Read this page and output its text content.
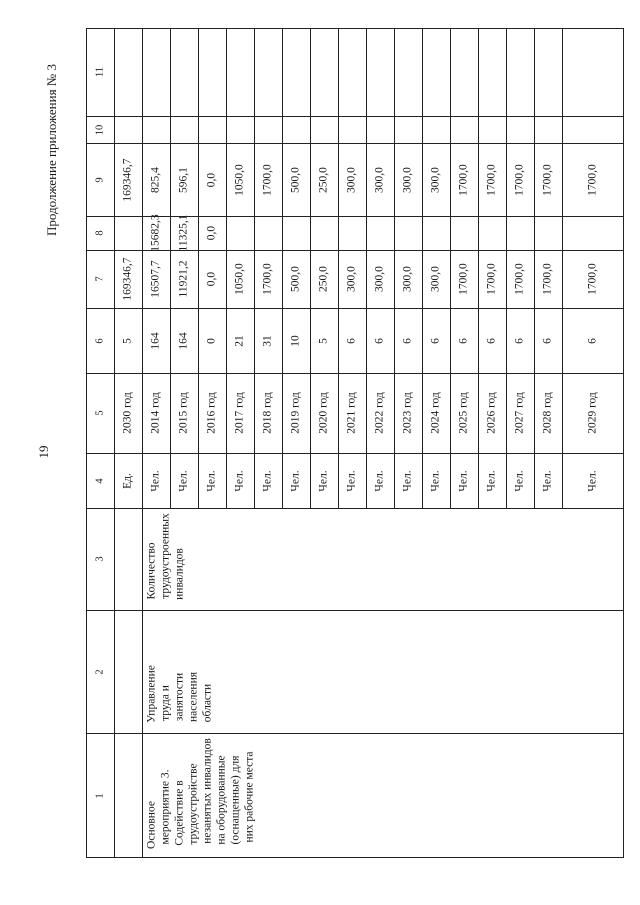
19
Продолжение приложения № 3
1
2
3
4
5
6
7
8
9
10
11
Ед.
2030 год
5
169346,7
169346,7
Чел.
2014 год
164
16507,7
15682,3
825,4
Чел.
2015 год
164
11921,2
11325,1
596,1
Чел.
2016 год
0
0,0
0,0
0,0
Чел.
2017 год
21
1050,0
1050,0
Чел.
2018 год
31
1700,0
1700,0
Чел.
2019 год
10
500,0
500,0
Чел.
2020 год
5
250,0
250,0
Чел.
2021 год
6
300,0
300,0
Чел.
2022 год
6
300,0
300,0
Чел.
2023 год
6
300,0
300,0
Чел.
2024 год
6
300,0
300,0
Чел.
2025 год
6
1700,0
1700,0
Чел.
2026 год
6
1700,0
1700,0
Чел.
2027 год
6
1700,0
1700,0
Чел.
2028 год
6
1700,0
1700,0
Чел.
2029 год
6
1700,0
1700,0
Основное мероприятие 3. Содействие в трудоустройстве незанятых инвалидов на оборудованные (оснащенные) для них рабочие места
Управление труда и занятости населения области
Количество трудоустроенных инвалидов
